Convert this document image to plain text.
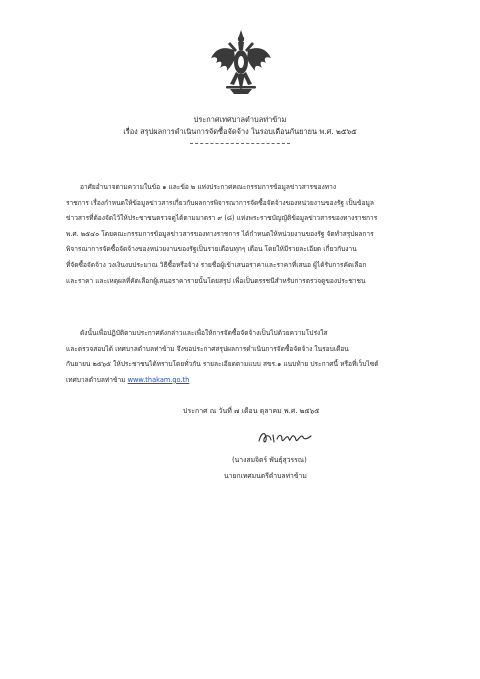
ประกาศเทศบาลตำบลท่าข้าม
เรื่อง สรุปผลการดำเนินการจัดซื้อจัดจ้าง ในรอบเดือนกันยายน พ.ศ. ๒๕๖๕
อาศัยอำนาจตามความในข้อ ๑ และข้อ ๒ แห่งประกาศคณะกรรมการข้อมูลข่าวสารของทาง
ราชการ เรื่องกำหนดให้ข้อมูลข่าวสารเกี่ยวกับผลการพิจารณาการจัดซื้อจัดจ้างของหน่วยงานของรัฐ เป็นข้อมูล
ข่าวสารที่ต้องจัดไว้ให้ประชาชนตรวจดูได้ตามมาตรา ๙ (๘) แห่งพระราชบัญญัติข้อมูลข่าวสารของทางราชการ
พ.ศ. ๒๕๔๐ โดยคณะกรรมการข้อมูลข่าวสารของทางราชการ ได้กำหนดให้หน่วยงานของรัฐ จัดทำสรุปผลการ
พิจารณาการจัดซื้อจัดจ้างของหน่วยงานของรัฐเป็นรายเดือนทุกๆ เดือน โดยให้มีรายละเอียด เกี่ยวกับงาน
ที่จัดซื้อจัดจ้าง วงเงินงบประมาณ วิธีซื้อหรือจ้าง รายชื่อผู้เข้าเสนอราคาและราคาที่เสนอ ผู้ได้รับการคัดเลือก
และราคา และเหตุผลที่คัดเลือกผู้เสนอราคารายนั้นโดยสรุป เพื่อเป็นดรรชนีสำหรับการตรวจดูของประชาชน
ดังนั้นเพื่อปฏิบัติตามประกาศดังกล่าวและเพื่อให้การจัดซื้อจัดจ้างเป็นไปด้วยความโปร่งใส
และตรวจสอบได้ เทศบาลตำบลท่าข้าม จึงขอประกาศสรุปผลการดำเนินการจัดซื้อจัดจ้าง ในรอบเดือน
กันยายน ๒๕๖๕ ให้ประชาชนได้ทราบโดยทั่วกัน รายละเอียดตามแบบ สขร.๑ แนบท้าย ประกาศนี้ หรือที่เว็บไซต์
เทศบาลตำบลท่าข้าม www.thakam.go.th
ประกาศ ณ วันที่ ๗ เดือน ตุลาคม พ.ศ. ๒๕๖๕
(นางสมจิตร์ พันธุ์สุวรรณ)
นายกเทศมนตรีตำบลท่าข้าม
